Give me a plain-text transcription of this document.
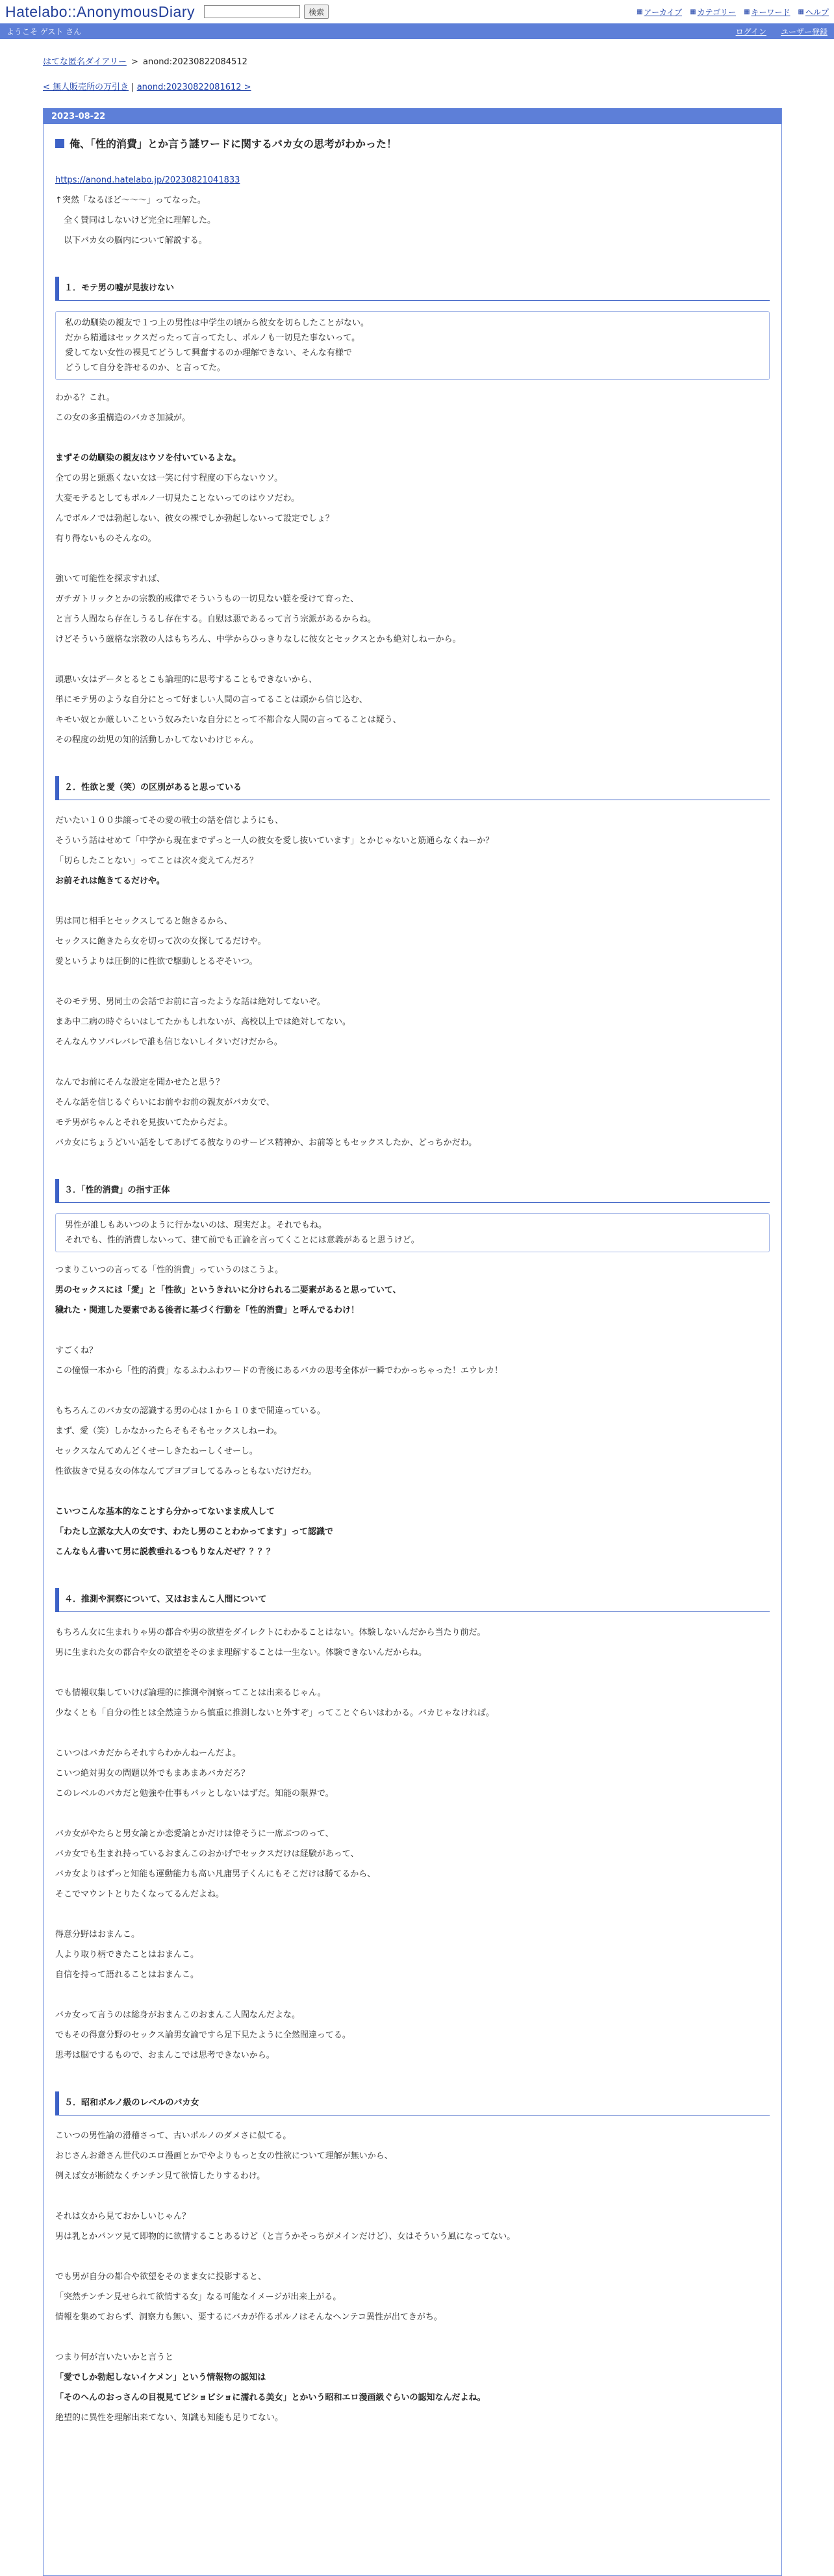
Hatelabo::AnonymousDiary	検索	▦ アーカイブ ▦ カテゴリー ▦ キーワード ▦ ヘルプ
ようこそ ゲスト さん	ログイン ユーザー登録
はてな匿名ダイアリー > anond:20230822084512
< 無人販売所の万引き | anond:20230822081612 >
2023-08-22
俺、「性的消費」とか言う謎ワードに関するバカ女の思考がわかった！

https://anond.hatelabo.jp/20230821041833

↑突然「なるほど〜〜〜」ってなった。

　全く賛同はしないけど完全に理解した。

　以下バカ女の脳内について解説する。

１．モテ男の嘘が見抜けない

私の幼馴染の親友で１つ上の男性は中学生の頃から彼女を切らしたことがない。

だから精通はセックスだったって言ってたし、ポルノも一切見た事ないって。

愛してない女性の裸見てどうして興奮するのか理解できない、そんな有様で

どうして自分を許せるのか、と言ってた。

わかる？これ。

この女の多重構造のバカさ加減が。

まずその幼馴染の親友はウソを付いているよな。

全ての男と頭悪くない女は一笑に付す程度の下らないウソ。

大変モテるとしてもポルノ一切見たことないってのはウソだわ。

んでポルノでは勃起しない、彼女の裸でしか勃起しないって設定でしょ？

有り得ないものそんなの。

強いて可能性を探求すれば、

ガチガトリックとかの宗教的戒律でそういうもの一切見ない躾を受けて育った、

と言う人間なら存在しうるし存在する。自慰は悪であるって言う宗派があるからね。

けどそういう厳格な宗教の人はもちろん、中学からひっきりなしに彼女とセックスとかも絶対しねーから。

頭悪い女はデータとるとこも論理的に思考することもできないから、

単にモテ男のような自分にとって好ましい人間の言ってることは頭から信じ込む、

キモい奴とか厳しいこという奴みたいな自分にとって不都合な人間の言ってることは疑う、

その程度の幼児の知的活動しかしてないわけじゃん。

２．性欲と愛（笑）の区別があると思っている

だいたい１００歩譲ってその愛の戦士の話を信じようにも、

そういう話はせめて「中学から現在までずっと一人の彼女を愛し抜いています」とかじゃないと筋通らなくねーか？

「切らしたことない」ってことは次々変えてんだろ？

お前それは飽きてるだけや。

男は同じ相手とセックスしてると飽きるから、

セックスに飽きたら女を切って次の女探してるだけや。

愛というよりは圧倒的に性欲で駆動しとるぞそいつ。

そのモテ男、男同士の会話でお前に言ったような話は絶対してないぞ。

まあ中二病の時ぐらいはしてたかもしれないが、高校以上では絶対してない。

そんなんウソバレバレで誰も信じないしイタいだけだから。

なんでお前にそんな設定を聞かせたと思う？

そんな話を信じるぐらいにお前やお前の親友がバカ女で、

モテ男がちゃんとそれを見抜いてたからだよ。

バカ女にちょうどいい話をしてあげてる彼なりのサービス精神か、お前等ともセックスしたか、どっちかだわ。

３．「性的消費」の指す正体

男性が誰しもあいつのように行かないのは、現実だよ。それでもね。

それでも、性的消費しないって、建て前でも正論を言ってくことには意義があると思うけど。

つまりこいつの言ってる「性的消費」っていうのはこうよ。

男のセックスには「愛」と「性欲」というきれいに分けられる二要素があると思っていて、

穢れた・関連した要素である後者に基づく行動を「性的消費」と呼んでるわけ！

すごくね？

この憧憬一本から「性的消費」なるふわふわワードの背後にあるバカの思考全体が一瞬でわかっちゃった！エウレカ！

もちろんこのバカ女の認識する男の心は１から１０まで間違っている。

まず、愛（笑）しかなかったらそもそもセックスしねーわ。

セックスなんてめんどくせーしきたねーしくせーし。

性欲抜きで見る女の体なんてブヨブヨしてるみっともないだけだわ。

こいつこんな基本的なことすら分かってないまま成人して

「わたし立派な大人の女です、わたし男のことわかってます」って認識で

こんなもん書いて男に説教垂れるつもりなんだぜ？？？？

４．推測や洞察について、又はおまんこ人間について

もちろん女に生まれりゃ男の都合や男の欲望をダイレクトにわかることはない。体験しないんだから当たり前だ。

男に生まれた女の都合や女の欲望をそのまま理解することは一生ない。体験できないんだからね。

でも情報収集していけば論理的に推測や洞察ってことは出来るじゃん。

少なくとも「自分の性とは全然違うから慎重に推測しないと外すぞ」ってことぐらいはわかる。バカじゃなければ。

こいつはバカだからそれすらわかんねーんだよ。

こいつ絶対男女の問題以外でもまあまあバカだろ？

このレベルのバカだと勉強や仕事もパッとしないはずだ。知能の限界で。

バカ女がやたらと男女論とか恋愛論とかだけは偉そうに一席ぶつのって、

バカ女でも生まれ持っているおまんこのおかげでセックスだけは経験があって、

バカ女よりはずっと知能も運動能力も高い凡庸男子くんにもそこだけは勝てるから、

そこでマウントとりたくなってるんだよね。

得意分野はおまんこ。

人より取り柄できたことはおまんこ。

自信を持って語れることはおまんこ。

バカ女って言うのは総身がおまんこのおまんこ人間なんだよな。

でもその得意分野のセックス論男女論ですら足下見たように全然間違ってる。

思考は脳でするもので、おまんこでは思考できないから。

５．昭和ポルノ級のレベルのバカ女

こいつの男性論の滑稽さって、古いポルノのダメさに似てる。

おじさんお爺さん世代のエロ漫画とかでやよりもっと女の性欲について理解が無いから、

例えば女が断続なくチンチン見て欲情したりするわけ。

それは女から見ておかしいじゃん？

男は乳とかパンツ見て即物的に欲情することあるけど（と言うかそっちがメインだけど）、女はそういう風になってない。

でも男が自分の都合や欲望をそのまま女に投影すると、

「突然チンチン見せられて欲情する女」なる可能なイメージが出来上がる。

情報を集めておらず、洞察力も無い、要するにバカが作るポルノはそんなヘンテコ異性が出てきがち。

つまり何が言いたいかと言うと

「愛でしか勃起しないイケメン」という情報物の認知は

「そのへんのおっさんの目視見てビショビショに濡れる美女」とかいう昭和エロ漫画級ぐらいの認知なんだよね。

絶望的に異性を理解出来てない、知識も知能も足りてない。
